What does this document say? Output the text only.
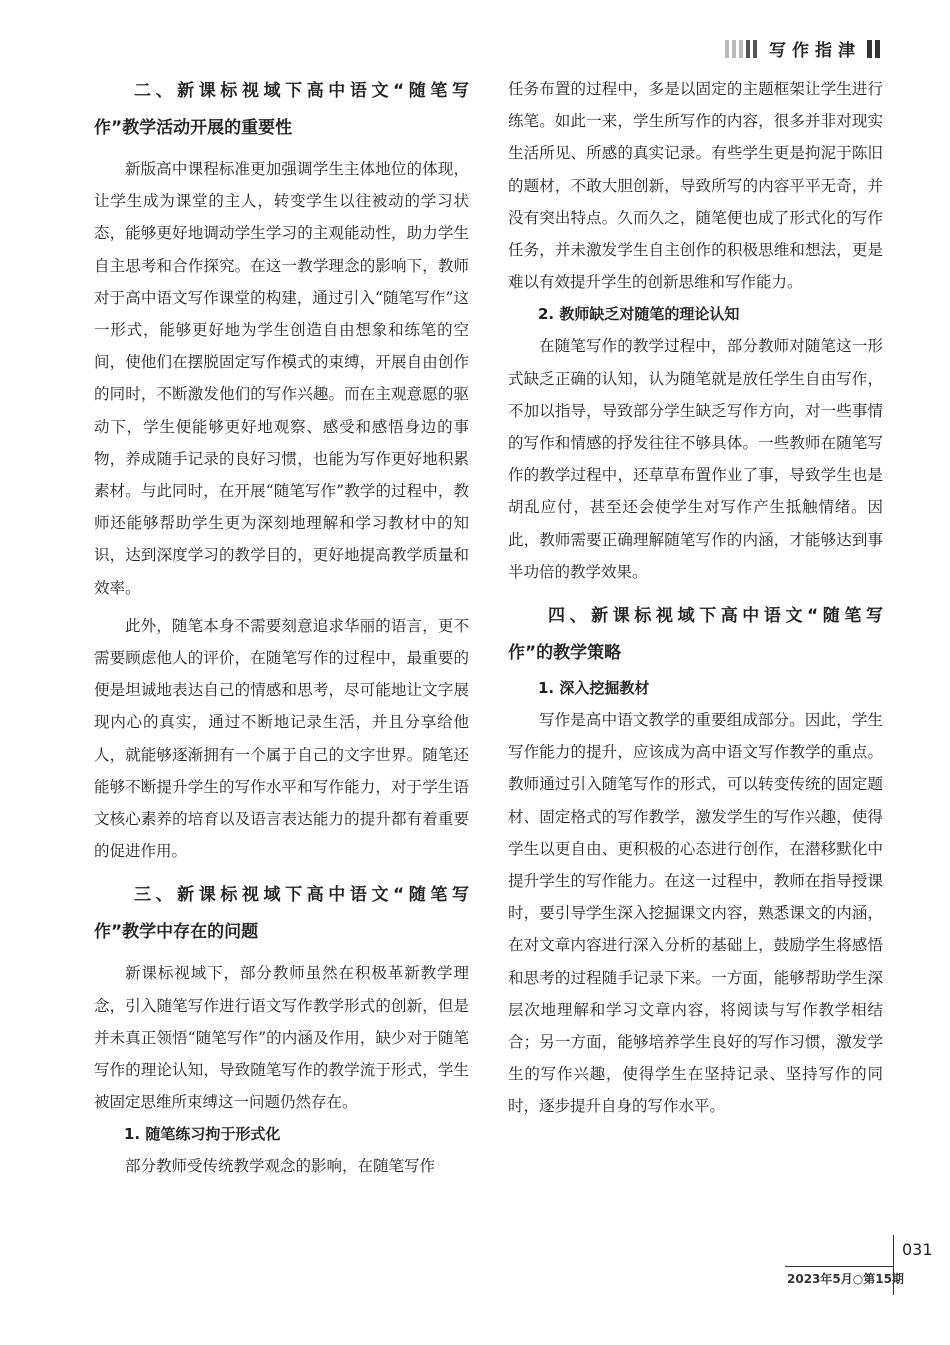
写作指津
二、新课标视域下高中语文“随笔写
作”教学活动开展的重要性

新版高中课程标准更加强调学生主体地位的体现，让学生成为课堂的主人，转变学生以往被动的学习状态，能够更好地调动学生学习的主观能动性，助力学生自主思考和合作探究。在这一教学理念的影响下，教师对于高中语文写作课堂的构建，通过引入“随笔写作”这一形式，能够更好地为学生创造自由想象和练笔的空间，使他们在摆脱固定写作模式的束缚，开展自由创作的同时，不断激发他们的写作兴趣。而在主观意愿的驱动下，学生便能够更好地观察、感受和感悟身边的事物，养成随手记录的良好习惯，也能为写作更好地积累素材。与此同时，在开展“随笔写作”教学的过程中，教师还能够帮助学生更为深刻地理解和学习教材中的知识，达到深度学习的教学目的，更好地提高教学质量和效率。

此外，随笔本身不需要刻意追求华丽的语言，更不需要顾虑他人的评价，在随笔写作的过程中，最重要的便是坦诚地表达自己的情感和思考，尽可能地让文字展现内心的真实，通过不断地记录生活，并且分享给他人，就能够逐渐拥有一个属于自己的文字世界。随笔还能够不断提升学生的写作水平和写作能力，对于学生语文核心素养的培育以及语言表达能力的提升都有着重要的促进作用。

三、新课标视域下高中语文“随笔写
作”教学中存在的问题

新课标视域下，部分教师虽然在积极革新教学理念，引入随笔写作进行语文写作教学形式的创新，但是并未真正领悟“随笔写作”的内涵及作用，缺少对于随笔写作的理论认知，导致随笔写作的教学流于形式，学生被固定思维所束缚这一问题仍然存在。

1. 随笔练习拘于形式化

部分教师受传统教学观念的影响，在随笔写作

任务布置的过程中，多是以固定的主题框架让学生进行练笔。如此一来，学生所写作的内容，很多并非对现实生活所见、所感的真实记录。有些学生更是拘泥于陈旧的题材，不敢大胆创新，导致所写的内容平平无奇，并没有突出特点。久而久之，随笔便也成了形式化的写作任务，并未激发学生自主创作的积极思维和想法，更是难以有效提升学生的创新思维和写作能力。

2. 教师缺乏对随笔的理论认知

在随笔写作的教学过程中，部分教师对随笔这一形式缺乏正确的认知，认为随笔就是放任学生自由写作，不加以指导，导致部分学生缺乏写作方向，对一些事情的写作和情感的抒发往往不够具体。一些教师在随笔写作的教学过程中，还草草布置作业了事，导致学生也是胡乱应付，甚至还会使学生对写作产生抵触情绪。因此，教师需要正确理解随笔写作的内涵，才能够达到事半功倍的教学效果。

四、新课标视域下高中语文“随笔写
作”的教学策略
1. 深入挖掘教材

写作是高中语文教学的重要组成部分。因此，学生写作能力的提升，应该成为高中语文写作教学的重点。教师通过引入随笔写作的形式，可以转变传统的固定题材、固定格式的写作教学，激发学生的写作兴趣，使得学生以更自由、更积极的心态进行创作，在潜移默化中提升学生的写作能力。在这一过程中，教师在指导授课时，要引导学生深入挖掘课文内容，熟悉课文的内涵，在对文章内容进行深入分析的基础上，鼓励学生将感悟和思考的过程随手记录下来。一方面，能够帮助学生深层次地理解和学习文章内容，将阅读与写作教学相结合；另一方面，能够培养学生良好的写作习惯，激发学生的写作兴趣，使得学生在坚持记录、坚持写作的同时，逐步提升自身的写作水平。

031
2023年5月○第15期
